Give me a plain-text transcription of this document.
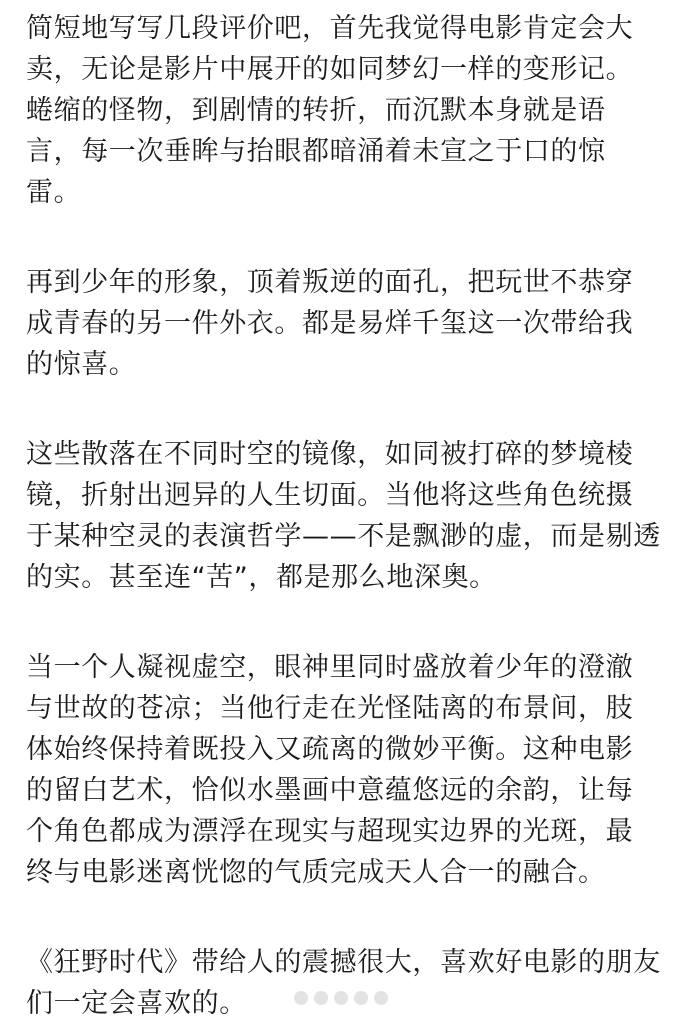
简短地写写几段评价吧，首先我觉得电影肯定会大
卖，无论是影片中展开的如同梦幻一样的变形记。
蜷缩的怪物，到剧情的转折，而沉默本身就是语
言，每一次垂眸与抬眼都暗涌着未宣之于口的惊
雷。

再到少年的形象，顶着叛逆的面孔，把玩世不恭穿
成青春的另一件外衣。都是易烊千玺这一次带给我
的惊喜。

这些散落在不同时空的镜像，如同被打碎的梦境棱
镜，折射出迥异的人生切面。当他将这些角色统摄
于某种空灵的表演哲学——不是飘渺的虚，而是剔透
的实。甚至连“苦”，都是那么地深奥。

当一个人凝视虚空，眼神里同时盛放着少年的澄澈
与世故的苍凉；当他行走在光怪陆离的布景间，肢
体始终保持着既投入又疏离的微妙平衡。这种电影
的留白艺术，恰似水墨画中意蕴悠远的余韵，让每
个角色都成为漂浮在现实与超现实边界的光斑，最
终与电影迷离恍惚的气质完成天人合一的融合。

《狂野时代》带给人的震撼很大，喜欢好电影的朋友
们一定会喜欢的。
